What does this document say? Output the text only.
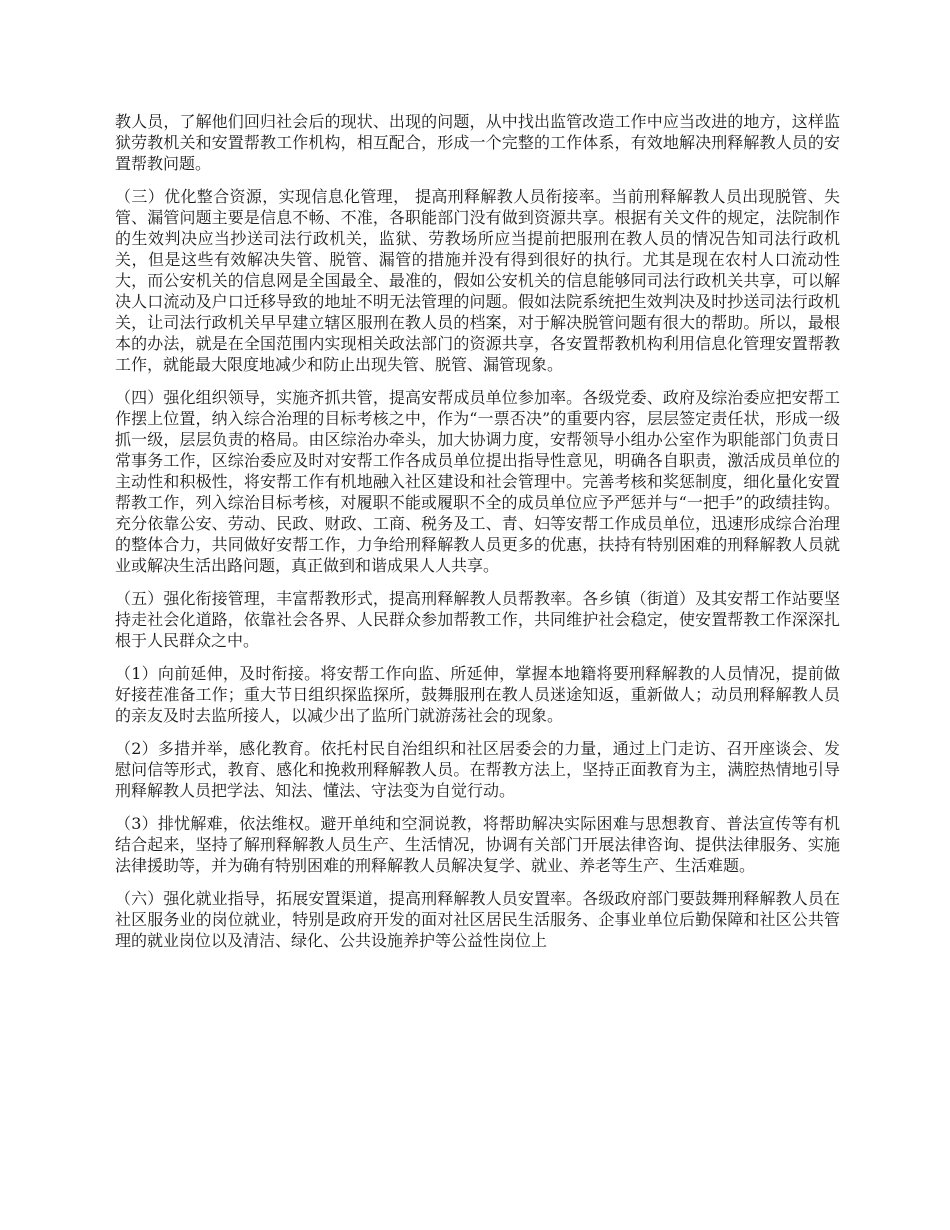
教人员，了解他们回归社会后的现状、出现的问题，从中找出监管改造工作中应当改进的地方，这样监狱劳教机关和安置帮教工作机构，相互配合，形成一个完整的工作体系，有效地解决刑释解教人员的安置帮教问题。

（三）优化整合资源，实现信息化管理， 提高刑释解教人员衔接率。当前刑释解教人员出现脱管、失管、漏管问题主要是信息不畅、不准，各职能部门没有做到资源共享。根据有关文件的规定，法院制作的生效判决应当抄送司法行政机关，监狱、劳教场所应当提前把服刑在教人员的情况告知司法行政机关，但是这些有效解决失管、脱管、漏管的措施并没有得到很好的执行。尤其是现在农村人口流动性大，而公安机关的信息网是全国最全、最准的，假如公安机关的信息能够同司法行政机关共享，可以解决人口流动及户口迁移导致的地址不明无法管理的问题。假如法院系统把生效判决及时抄送司法行政机关，让司法行政机关早早建立辖区服刑在教人员的档案，对于解决脱管问题有很大的帮助。所以，最根本的办法，就是在全国范围内实现相关政法部门的资源共享，各安置帮教机构利用信息化管理安置帮教工作，就能最大限度地减少和防止出现失管、脱管、漏管现象。

（四）强化组织领导，实施齐抓共管，提高安帮成员单位参加率。各级党委、政府及综治委应把安帮工作摆上位置，纳入综合治理的目标考核之中，作为“一票否决”的重要内容，层层签定责任状，形成一级抓一级，层层负责的格局。由区综治办牵头，加大协调力度，安帮领导小组办公室作为职能部门负责日常事务工作，区综治委应及时对安帮工作各成员单位提出指导性意见，明确各自职责，激活成员单位的主动性和积极性，将安帮工作有机地融入社区建设和社会管理中。完善考核和奖惩制度，细化量化安置帮教工作，列入综治目标考核，对履职不能或履职不全的成员单位应予严惩并与“一把手”的政绩挂钩。充分依靠公安、劳动、民政、财政、工商、税务及工、青、妇等安帮工作成员单位，迅速形成综合治理的整体合力，共同做好安帮工作，力争给刑释解教人员更多的优惠，扶持有特别困难的刑释解教人员就业或解决生活出路问题，真正做到和谐成果人人共享。

（五）强化衔接管理，丰富帮教形式，提高刑释解教人员帮教率。各乡镇（街道）及其安帮工作站要坚持走社会化道路，依靠社会各界、人民群众参加帮教工作，共同维护社会稳定，使安置帮教工作深深扎根于人民群众之中。

（1）向前延伸，及时衔接。将安帮工作向监、所延伸，掌握本地籍将要刑释解教的人员情况，提前做好接茬准备工作；重大节日组织探监探所，鼓舞服刑在教人员迷途知返，重新做人；动员刑释解教人员的亲友及时去监所接人，以减少出了监所门就游荡社会的现象。

（2）多措并举，感化教育。依托村民自治组织和社区居委会的力量，通过上门走访、召开座谈会、发慰问信等形式，教育、感化和挽救刑释解教人员。在帮教方法上，坚持正面教育为主，满腔热情地引导刑释解教人员把学法、知法、懂法、守法变为自觉行动。

（3）排忧解难，依法维权。避开单纯和空洞说教，将帮助解决实际困难与思想教育、普法宣传等有机结合起来，坚持了解刑释解教人员生产、生活情况，协调有关部门开展法律咨询、提供法律服务、实施法律援助等，并为确有特别困难的刑释解教人员解决复学、就业、养老等生产、生活难题。

（六）强化就业指导，拓展安置渠道，提高刑释解教人员安置率。各级政府部门要鼓舞刑释解教人员在社区服务业的岗位就业，特别是政府开发的面对社区居民生活服务、企事业单位后勤保障和社区公共管理的就业岗位以及清洁、绿化、公共设施养护等公益性岗位上
